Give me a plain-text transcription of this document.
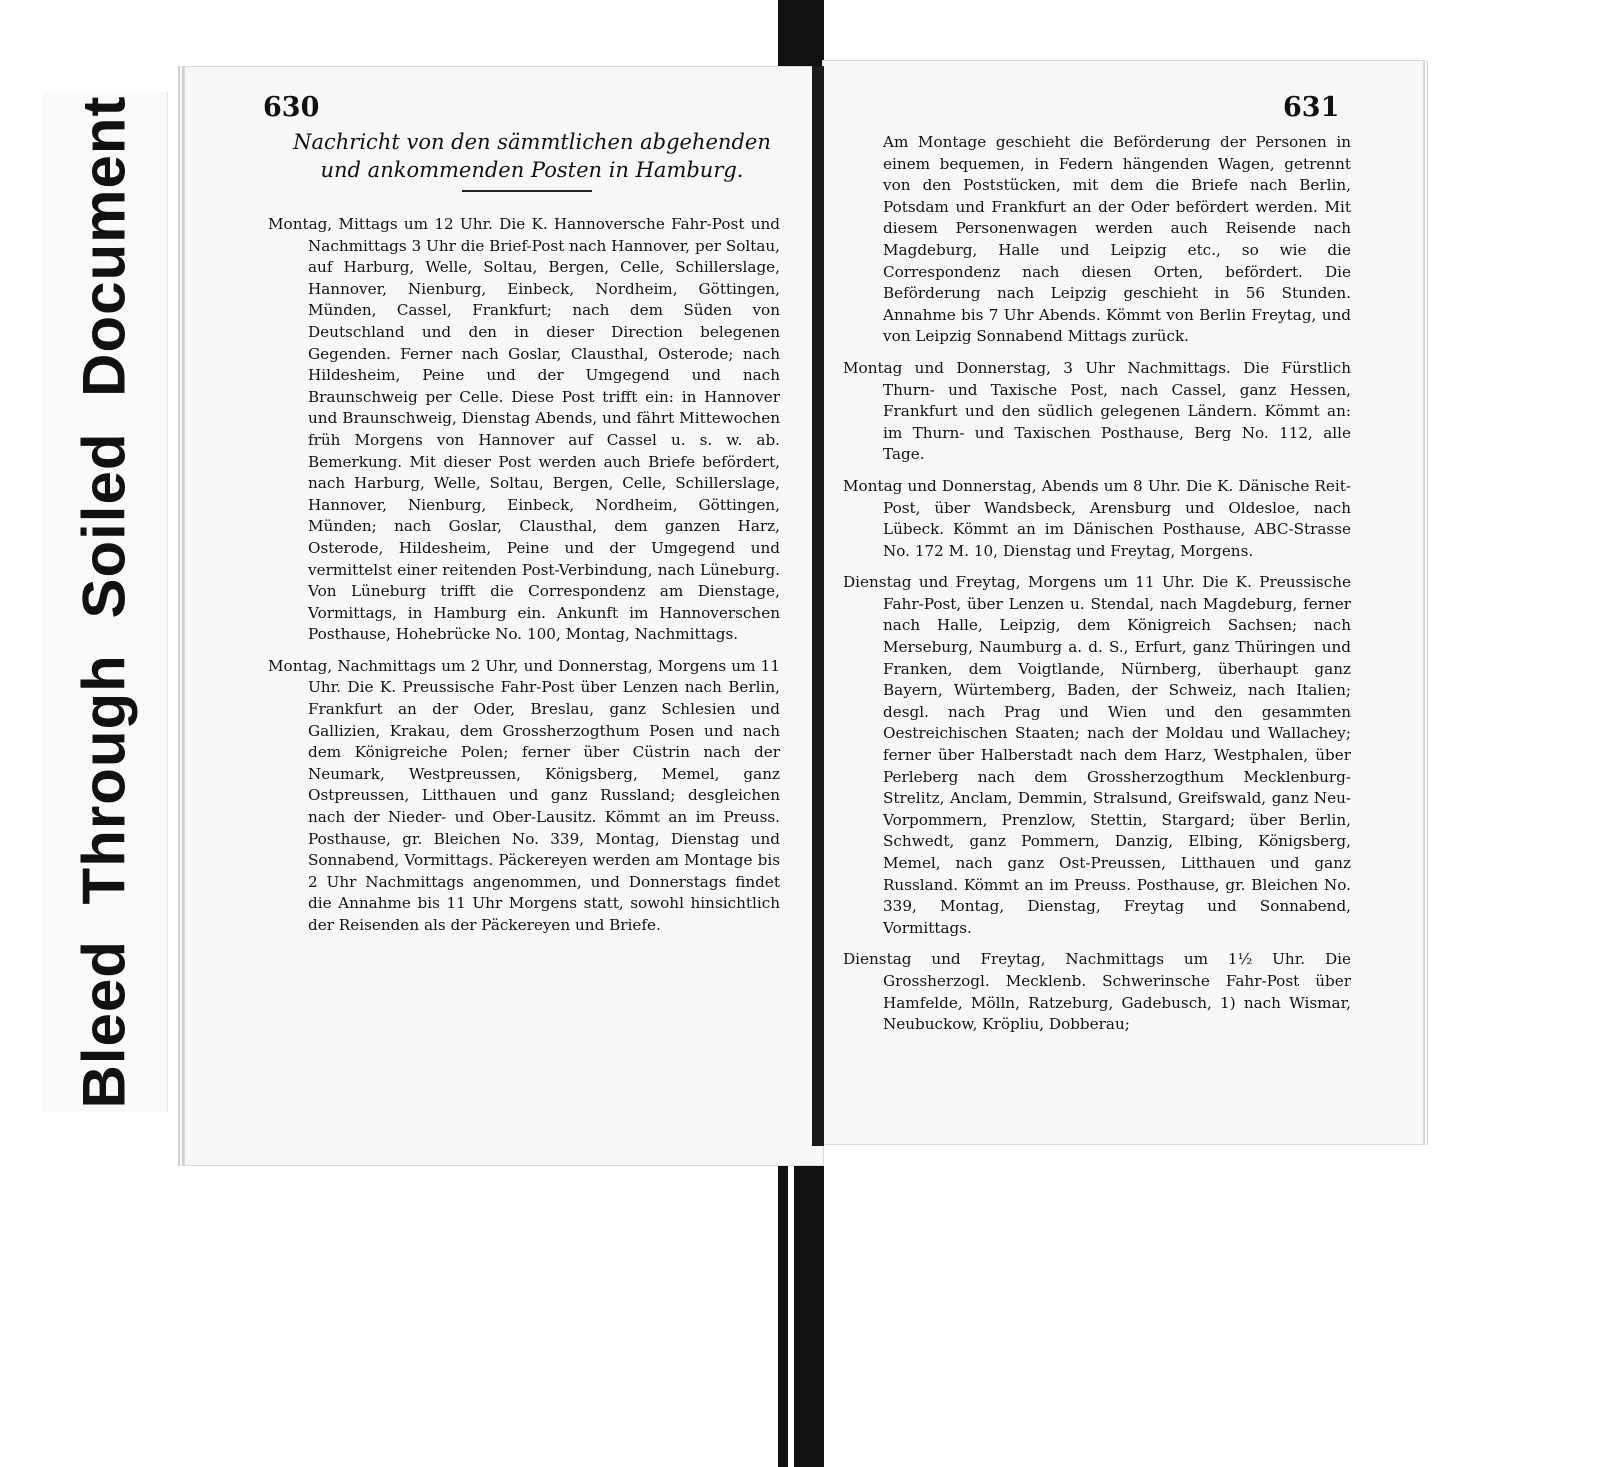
Bleed Through Soiled Document	630	631
Nachricht von den sämmtlichen abgehenden
und ankommenden Posten in Hamburg.

Montag, Mittags um 12 Uhr. Die K. Hannoversche Fahr-Post und Nachmittags 3 Uhr die Brief-Post nach Hannover, per Soltau, auf Harburg, Welle, Soltau, Bergen, Celle, Schillerslage, Hannover, Nienburg, Einbeck, Nordheim, Göttingen, Münden, Cassel, Frankfurt; nach dem Süden von Deutschland und den in dieser Direction belegenen Gegenden. Ferner nach Goslar, Clausthal, Osterode; nach Hildesheim, Peine und der Umgegend und nach Braunschweig per Celle. Diese Post trifft ein: in Hannover und Braunschweig, Dienstag Abends, und fährt Mittewochen früh Morgens von Hannover auf Cassel u. s. w. ab. Bemerkung. Mit dieser Post werden auch Briefe befördert, nach Harburg, Welle, Soltau, Bergen, Celle, Schillerslage, Hannover, Nienburg, Einbeck, Nordheim, Göttingen, Münden; nach Goslar, Clausthal, dem ganzen Harz, Osterode, Hildesheim, Peine und der Umgegend und vermittelst einer reitenden Post-Verbindung, nach Lüneburg. Von Lüneburg trifft die Correspondenz am Dienstage, Vormittags, in Hamburg ein. Ankunft im Hannoverschen Posthause, Hohebrücke No. 100, Montag, Nachmittags.

Montag, Nachmittags um 2 Uhr, und Donnerstag, Morgens um 11 Uhr. Die K. Preussische Fahr-Post über Lenzen nach Berlin, Frankfurt an der Oder, Breslau, ganz Schlesien und Gallizien, Krakau, dem Grossherzogthum Posen und nach dem Königreiche Polen; ferner über Cüstrin nach der Neumark, Westpreussen, Königsberg, Memel, ganz Ostpreussen, Litthauen und ganz Russland; desgleichen nach der Nieder- und Ober-Lausitz. Kömmt an im Preuss. Posthause, gr. Bleichen No. 339, Montag, Dienstag und Sonnabend, Vormittags. Päckereyen werden am Montage bis 2 Uhr Nachmittags angenommen, und Donnerstags findet die Annahme bis 11 Uhr Morgens statt, sowohl hinsichtlich der Reisenden als der Päckereyen und Briefe.

Am Montage geschieht die Beförderung der Personen in einem bequemen, in Federn hängenden Wagen, getrennt von den Poststücken, mit dem die Briefe nach Berlin, Potsdam und Frankfurt an der Oder befördert werden. Mit diesem Personenwagen werden auch Reisende nach Magdeburg, Halle und Leipzig etc., so wie die Correspondenz nach diesen Orten, befördert. Die Beförderung nach Leipzig geschieht in 56 Stunden. Annahme bis 7 Uhr Abends. Kömmt von Berlin Freytag, und von Leipzig Sonnabend Mittags zurück.

Montag und Donnerstag, 3 Uhr Nachmittags. Die Fürstlich Thurn- und Taxische Post, nach Cassel, ganz Hessen, Frankfurt und den südlich gelegenen Ländern. Kömmt an: im Thurn- und Taxischen Posthause, Berg No. 112, alle Tage.

Montag und Donnerstag, Abends um 8 Uhr. Die K. Dänische Reit-Post, über Wandsbeck, Arensburg und Oldesloe, nach Lübeck. Kömmt an im Dänischen Posthause, ABC-Strasse No. 172 M. 10, Dienstag und Freytag, Morgens.

Dienstag und Freytag, Morgens um 11 Uhr. Die K. Preussische Fahr-Post, über Lenzen u. Stendal, nach Magdeburg, ferner nach Halle, Leipzig, dem Königreich Sachsen; nach Merseburg, Naumburg a. d. S., Erfurt, ganz Thüringen und Franken, dem Voigtlande, Nürnberg, überhaupt ganz Bayern, Würtemberg, Baden, der Schweiz, nach Italien; desgl. nach Prag und Wien und den gesammten Oestreichischen Staaten; nach der Moldau und Wallachey; ferner über Halberstadt nach dem Harz, Westphalen, über Perleberg nach dem Grossherzogthum Mecklenburg-Strelitz, Anclam, Demmin, Stralsund, Greifswald, ganz Neu-Vorpommern, Prenzlow, Stettin, Stargard; über Berlin, Schwedt, ganz Pommern, Danzig, Elbing, Königsberg, Memel, nach ganz Ost-Preussen, Litthauen und ganz Russland. Kömmt an im Preuss. Posthause, gr. Bleichen No. 339, Montag, Dienstag, Freytag und Sonnabend, Vormittags.

Dienstag und Freytag, Nachmittags um 1½ Uhr. Die Grossherzogl. Mecklenb. Schwerinsche Fahr-Post über Hamfelde, Mölln, Ratzeburg, Gadebusch, 1) nach Wismar, Neubuckow, Kröpliu, Dobberau;
